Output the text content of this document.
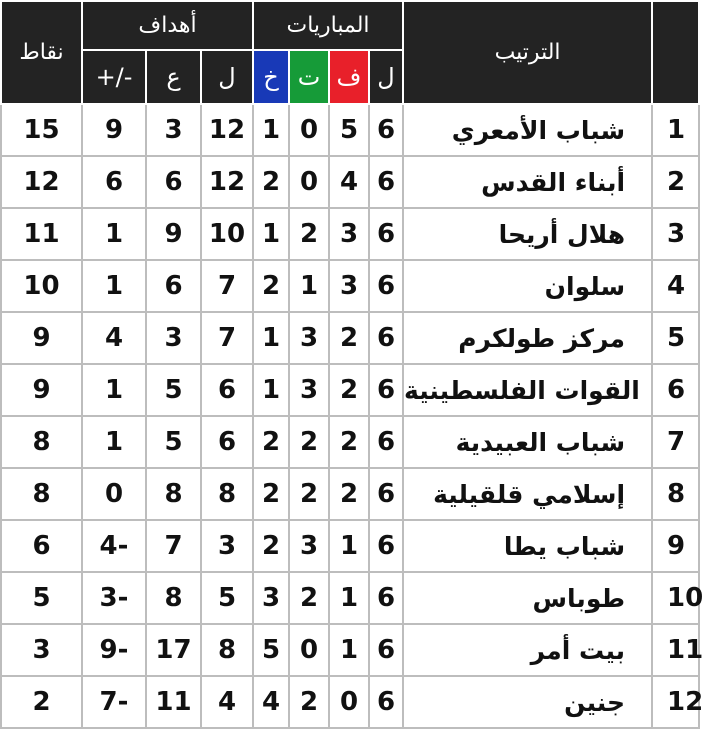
نقاط	أهداف			المباريات				الترتيب	
	+/-	ع	ل	خ	ت	ف	ل		
15	9	3	12	1	0	5	6	شباب الأمعري	1
12	6	6	12	2	0	4	6	أبناء القدس	2
11	1	9	10	1	2	3	6	هلال أريحا	3
10	1	6	7	2	1	3	6	سلوان	4
9	4	3	7	1	3	2	6	مركز طولكرم	5
9	1	5	6	1	3	2	6	القوات الفلسطينية	6
8	1	5	6	2	2	2	6	شباب العبيدية	7
8	0	8	8	2	2	2	6	إسلامي قلقيلية	8
6	4-	7	3	2	3	1	6	شباب يطا	9
5	3-	8	5	3	2	1	6	طوباس	10
3	9-	17	8	5	0	1	6	بيت أمر	11
2	7-	11	4	4	2	0	6	جنين	12
